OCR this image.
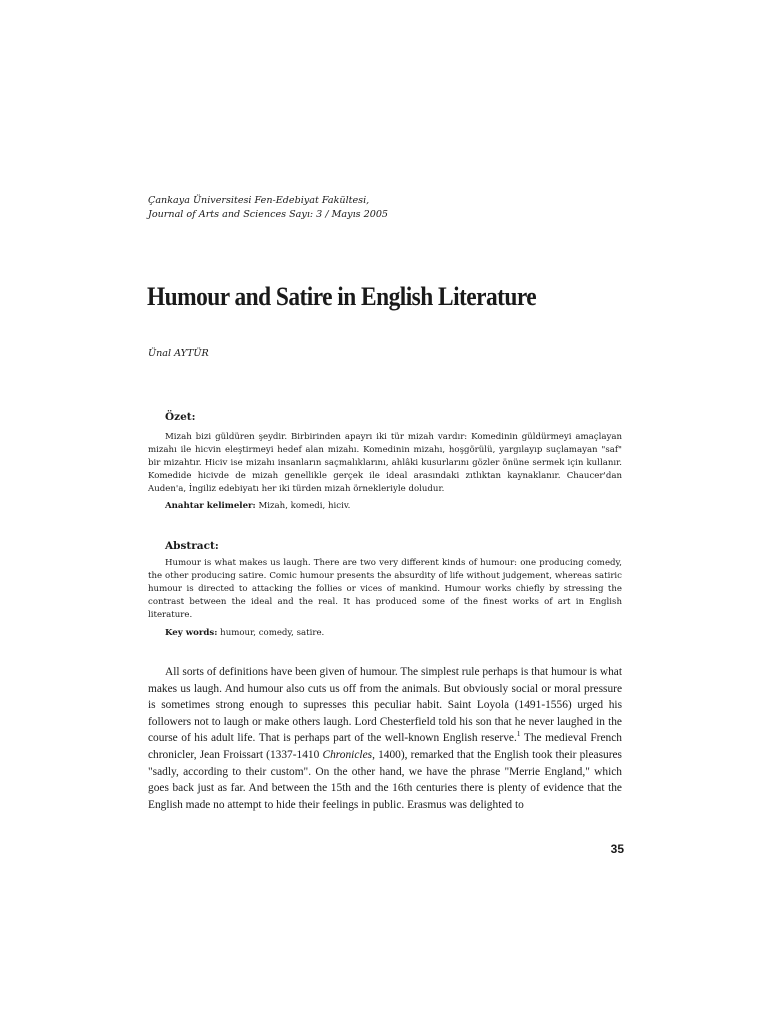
Çankaya Üniversitesi Fen-Edebiyat Fakültesi,
Journal of Arts and Sciences Sayı: 3 / Mayıs 2005
Humour and Satire in English Literature
Ünal AYTÜR
Özet:
Mizah bizi güldüren şeydir. Birbirinden apayrı iki tür mizah vardır: Komedinin güldürmeyi amaçlayan mizahı ile hicvin eleştirmeyi hedef alan mizahı. Komedinin mizahı, hoşgörülü, yargılayıp suçlamayan "saf" bir mizahtır. Hiciv ise mizahı insanların saçmalıklarını, ahlâki kusurlarını gözler önüne sermek için kullanır. Komedide hicivde de mizah genellikle gerçek ile ideal arasındaki zıtlıktan kaynaklanır. Chaucer'dan Auden'a, İngiliz edebiyatı her iki türden mizah örnekleriyle doludur.
Anahtar kelimeler: Mizah, komedi, hiciv.
Abstract:
Humour is what makes us laugh. There are two very different kinds of humour: one producing comedy, the other producing satire. Comic humour presents the absurdity of life without judgement, whereas satiric humour is directed to attacking the follies or vices of mankind. Humour works chiefly by stressing the contrast between the ideal and the real. It has produced some of the finest works of art in English literature.
Key words: humour, comedy, satire.
All sorts of definitions have been given of humour. The simplest rule perhaps is that humour is what makes us laugh. And humour also cuts us off from the animals. But obviously social or moral pressure is sometimes strong enough to supresses this peculiar habit. Saint Loyola (1491-1556) urged his followers not to laugh or make others laugh. Lord Chesterfield told his son that he never laughed in the course of his adult life. That is perhaps part of the well-known English reserve.$^1$ The medieval French chronicler, Jean Froissart (1337-1410 Chronicles, 1400), remarked that the English took their pleasures "sadly, according to their custom". On the other hand, we have the phrase "Merrie England," which goes back just as far. And between the 15th and the 16th centuries there is plenty of evidence that the English made no attempt to hide their feelings in public. Erasmus was delighted to
35
